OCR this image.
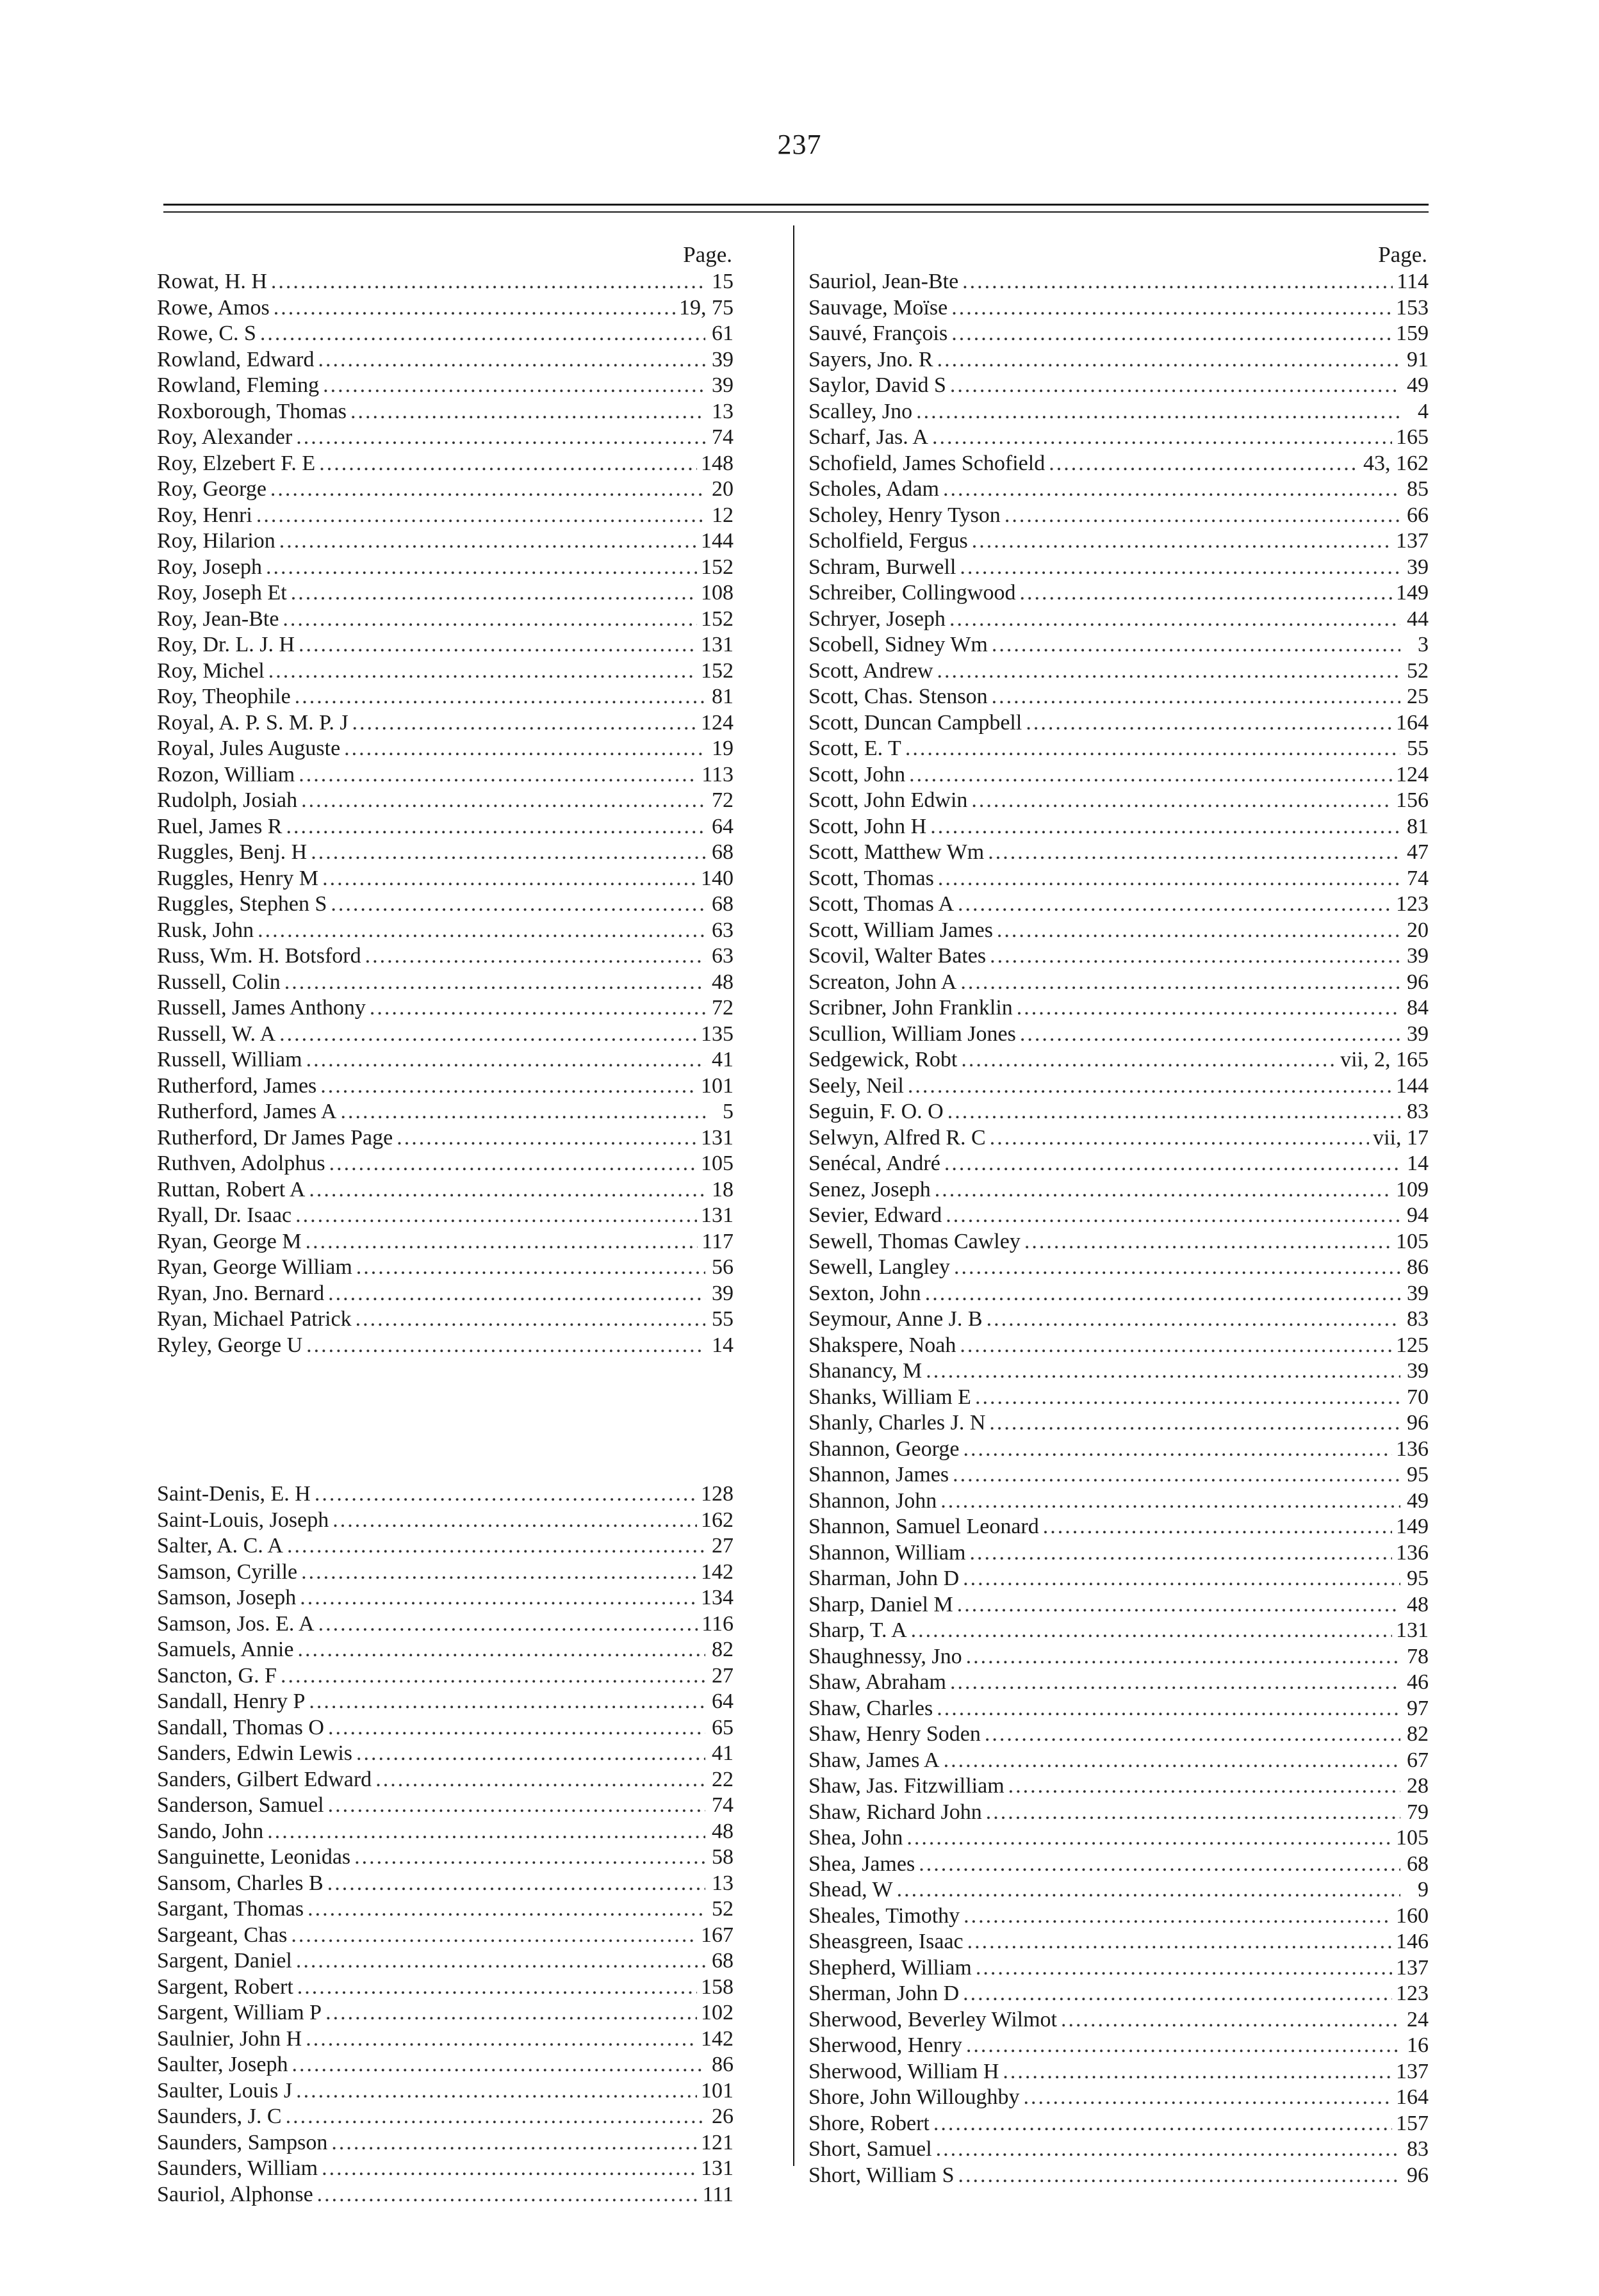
237
Page.
Rowat, H. H .....	15
Rowe, Amos .....	19, 75
Rowe, C. S .....	61
Rowland, Edward .....	39
Rowland, Fleming .....	39
Roxborough, Thomas .....	13
Roy, Alexander .....	74
Roy, Elzebert F. E .....	148
Roy, George .....	20
Roy, Henri .....	12
Roy, Hilarion .....	144
Roy, Joseph .....	152
Roy, Joseph Et .....	108
Roy, Jean-Bte .....	152
Roy, Dr. L. J. H .....	131
Roy, Michel .....	152
Roy, Theophile .....	81
Royal, A. P. S. M. P. J .....	124
Royal, Jules Auguste .....	19
Rozon, William .....	113
Rudolph, Josiah .....	72
Ruel, James R .....	64
Ruggles, Benj. H .....	68
Ruggles, Henry M .....	140
Ruggles, Stephen S .....	68
Rusk, John .....	63
Russ, Wm. H. Botsford .....	63
Russell, Colin .....	48
Russell, James Anthony .....	72
Russell, W. A .....	135
Russell, William .....	41
Rutherford, James .....	101
Rutherford, James A .....	5
Rutherford, Dr James Page .....	131
Ruthven, Adolphus .....	105
Ruttan, Robert A .....	18
Ryall, Dr. Isaac .....	131
Ryan, George M .....	117
Ryan, George William .....	56
Ryan, Jno. Bernard .....	39
Ryan, Michael Patrick .....	55
Ryley, George U .....	14
Saint-Denis, E. H .....	128
Saint-Louis, Joseph .....	162
Salter, A. C. A .....	27
Samson, Cyrille .....	142
Samson, Joseph .....	134
Samson, Jos. E. A .....	116
Samuels, Annie .....	82
Sancton, G. F .....	27
Sandall, Henry P .....	64
Sandall, Thomas O .....	65
Sanders, Edwin Lewis .....	41
Sanders, Gilbert Edward .....	22
Sanderson, Samuel .....	74
Sando, John .....	48
Sanguinette, Leonidas .....	58
Sansom, Charles B .....	13
Sargant, Thomas .....	52
Sargeant, Chas .....	167
Sargent, Daniel .....	68
Sargent, Robert .....	158
Sargent, William P .....	102
Saulnier, John H .....	142
Saulter, Joseph .....	86
Saulter, Louis J .....	101
Saunders, J. C .....	26
Saunders, Sampson .....	121
Saunders, William .....	131
Sauriol, Alphonse .....	111
Page.
Sauriol, Jean-Bte .....	114
Sauvage, Moïse .....	153
Sauvé, François .....	159
Sayers, Jno. R .....	91
Saylor, David S .....	49
Scalley, Jno .....	4
Scharf, Jas. A .....	165
Schofield, James Schofield .....	43, 162
Scholes, Adam .....	85
Scholey, Henry Tyson .....	66
Scholfield, Fergus .....	137
Schram, Burwell .....	39
Schreiber, Collingwood .....	149
Schryer, Joseph .....	44
Scobell, Sidney Wm .....	3
Scott, Andrew .....	52
Scott, Chas. Stenson .....	25
Scott, Duncan Campbell .....	164
Scott, E. T .....	55
Scott, John .....	124
Scott, John Edwin .....	156
Scott, John H .....	81
Scott, Matthew Wm .....	47
Scott, Thomas .....	74
Scott, Thomas A .....	123
Scott, William James .....	20
Scovil, Walter Bates .....	39
Screaton, John A .....	96
Scribner, John Franklin .....	84
Scullion, William Jones .....	39
Sedgewick, Robt .....	vii, 2, 165
Seely, Neil .....	144
Seguin, F. O. O .....	83
Selwyn, Alfred R. C .....	vii, 17
Senécal, André .....	14
Senez, Joseph .....	109
Sevier, Edward .....	94
Sewell, Thomas Cawley .....	105
Sewell, Langley .....	86
Sexton, John .....	39
Seymour, Anne J. B .....	83
Shakspere, Noah .....	125
Shanancy, M .....	39
Shanks, William E .....	70
Shanly, Charles J. N .....	96
Shannon, George .....	136
Shannon, James .....	95
Shannon, John .....	49
Shannon, Samuel Leonard .....	149
Shannon, William .....	136
Sharman, John D .....	95
Sharp, Daniel M .....	48
Sharp, T. A .....	131
Shaughnessy, Jno .....	78
Shaw, Abraham .....	46
Shaw, Charles .....	97
Shaw, Henry Soden .....	82
Shaw, James A .....	67
Shaw, Jas. Fitzwilliam .....	28
Shaw, Richard John .....	79
Shea, John .....	105
Shea, James .....	68
Shead, W .....	9
Sheales, Timothy .....	160
Sheasgreen, Isaac .....	146
Shepherd, William .....	137
Sherman, John D .....	123
Sherwood, Beverley Wilmot .....	24
Sherwood, Henry .....	16
Sherwood, William H .....	137
Shore, John Willoughby .....	164
Shore, Robert .....	157
Short, Samuel .....	83
Short, William S .....	96
